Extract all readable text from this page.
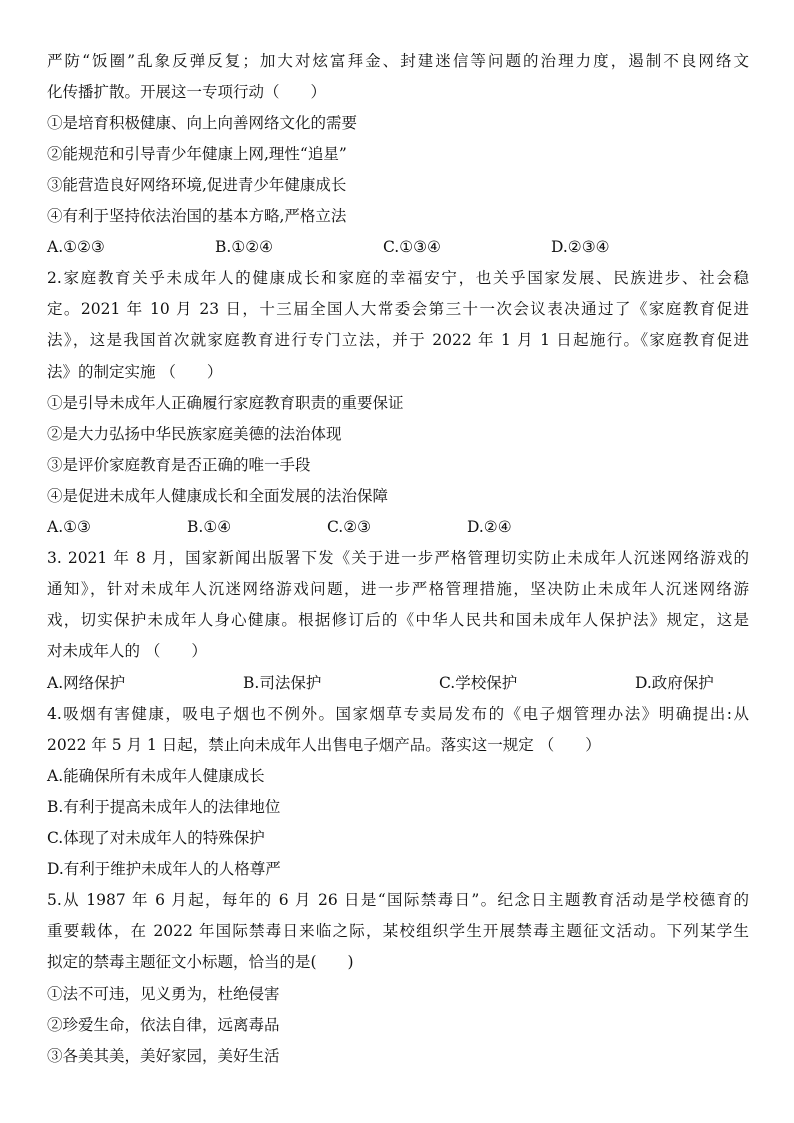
严防“饭圈”乱象反弹反复；加大对炫富拜金、封建迷信等问题的治理力度，遏制不良网络文
化传播扩散。开展这一专项行动（　　）
①是培育积极健康、向上向善网络文化的需要
②能规范和引导青少年健康上网,理性“追星”
③能营造良好网络环境,促进青少年健康成长
④有利于坚持依法治国的基本方略,严格立法
A.①②③	B.①②④	C.①③④	D.②③④
2.家庭教育关乎未成年人的健康成长和家庭的幸福安宁，也关乎国家发展、民族进步、社会稳
定。2021 年 10 月 23 日，十三届全国人大常委会第三十一次会议表决通过了《家庭教育促进
法》，这是我国首次就家庭教育进行专门立法，并于 2022 年 1 月 1 日起施行。《家庭教育促进
法》的制定实施 （　　）
①是引导未成年人正确履行家庭教育职责的重要保证
②是大力弘扬中华民族家庭美德的法治体现
③是评价家庭教育是否正确的唯一手段
④是促进未成年人健康成长和全面发展的法治保障
A.①③	B.①④	C.②③	D.②④
3. 2021 年 8 月，国家新闻出版署下发《关于进一步严格管理切实防止未成年人沉迷网络游戏的
通知》，针对未成年人沉迷网络游戏问题，进一步严格管理措施，坚决防止未成年人沉迷网络游
戏，切实保护未成年人身心健康。根据修订后的《中华人民共和国未成年人保护法》规定，这是
对未成年人的 （　　）
A.网络保护	B.司法保护	C.学校保护	D.政府保护
4.吸烟有害健康，吸电子烟也不例外。国家烟草专卖局发布的《电子烟管理办法》明确提出:从
2022 年 5 月 1 日起，禁止向未成年人出售电子烟产品。落实这一规定 （　　）
A.能确保所有未成年人健康成长
B.有利于提高未成年人的法律地位
C.体现了对未成年人的特殊保护
D.有利于维护未成年人的人格尊严
5.从 1987 年 6 月起，每年的 6 月 26 日是“国际禁毒日”。纪念日主题教育活动是学校德育的
重要载体，在 2022 年国际禁毒日来临之际，某校组织学生开展禁毒主题征文活动。下列某学生
拟定的禁毒主题征文小标题，恰当的是(　　)
①法不可违，见义勇为，杜绝侵害
②珍爱生命，依法自律，远离毒品
③各美其美，美好家园，美好生活
